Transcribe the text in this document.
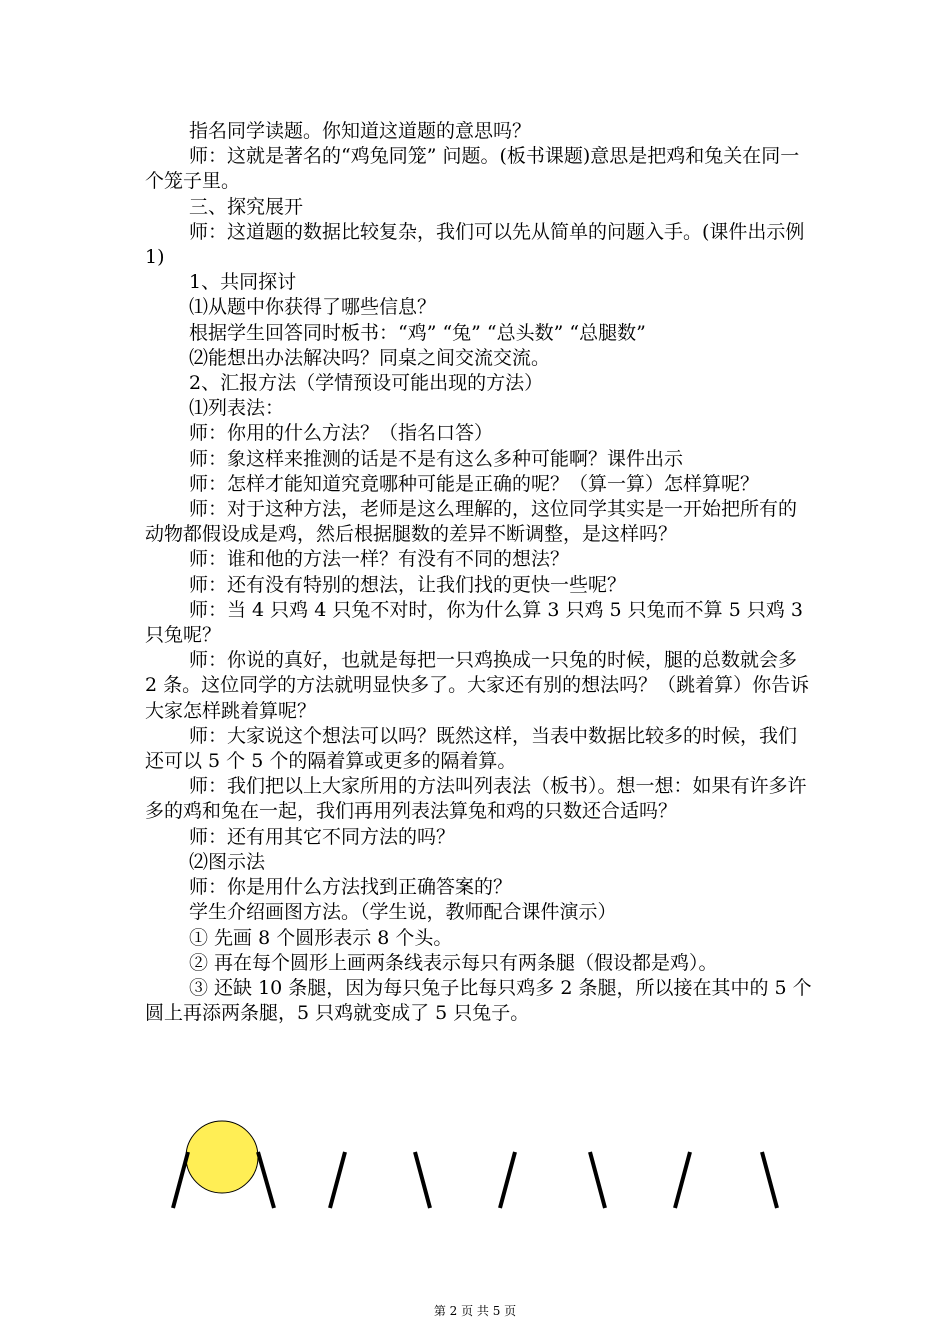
指名同学读题。你知道这道题的意思吗？
师：这就是著名的“鸡兔同笼” 问题。(板书课题)意思是把鸡和兔关在同一个笼子里。
三、探究展开
师：这道题的数据比较复杂，我们可以先从简单的问题入手。(课件出示例 1)
1、共同探讨
⑴从题中你获得了哪些信息？
根据学生回答同时板书：“鸡” “兔” “总头数” “总腿数”
⑵能想出办法解决吗？同桌之间交流交流。
2、汇报方法（学情预设可能出现的方法）
⑴列表法：
师：你用的什么方法？（指名口答）
师：象这样来推测的话是不是有这么多种可能啊？课件出示
师：怎样才能知道究竟哪种可能是正确的呢？（算一算）怎样算呢？
师：对于这种方法，老师是这么理解的，这位同学其实是一开始把所有的动物都假设成是鸡，然后根据腿数的差异不断调整，是这样吗？
师：谁和他的方法一样？有没有不同的想法？
师：还有没有特别的想法，让我们找的更快一些呢？
师：当 4 只鸡 4 只兔不对时，你为什么算 3 只鸡 5 只兔而不算 5 只鸡 3 只兔呢？
师：你说的真好，也就是每把一只鸡换成一只兔的时候，腿的总数就会多 2 条。这位同学的方法就明显快多了。大家还有别的想法吗？（跳着算）你告诉大家怎样跳着算呢？
师：大家说这个想法可以吗？既然这样，当表中数据比较多的时候，我们还可以 5 个 5 个的隔着算或更多的隔着算。
师：我们把以上大家所用的方法叫列表法（板书）。想一想：如果有许多许多的鸡和兔在一起，我们再用列表法算兔和鸡的只数还合适吗？
师：还有用其它不同方法的吗？
⑵图示法
师：你是用什么方法找到正确答案的？
学生介绍画图方法。（学生说，教师配合课件演示）
① 先画 8 个圆形表示 8 个头。
② 再在每个圆形上画两条线表示每只有两条腿（假设都是鸡）。
③ 还缺 10 条腿，因为每只兔子比每只鸡多 2 条腿，所以接在其中的 5 个圆上再添两条腿，5 只鸡就变成了 5 只兔子。
第 2 页 共 5 页
